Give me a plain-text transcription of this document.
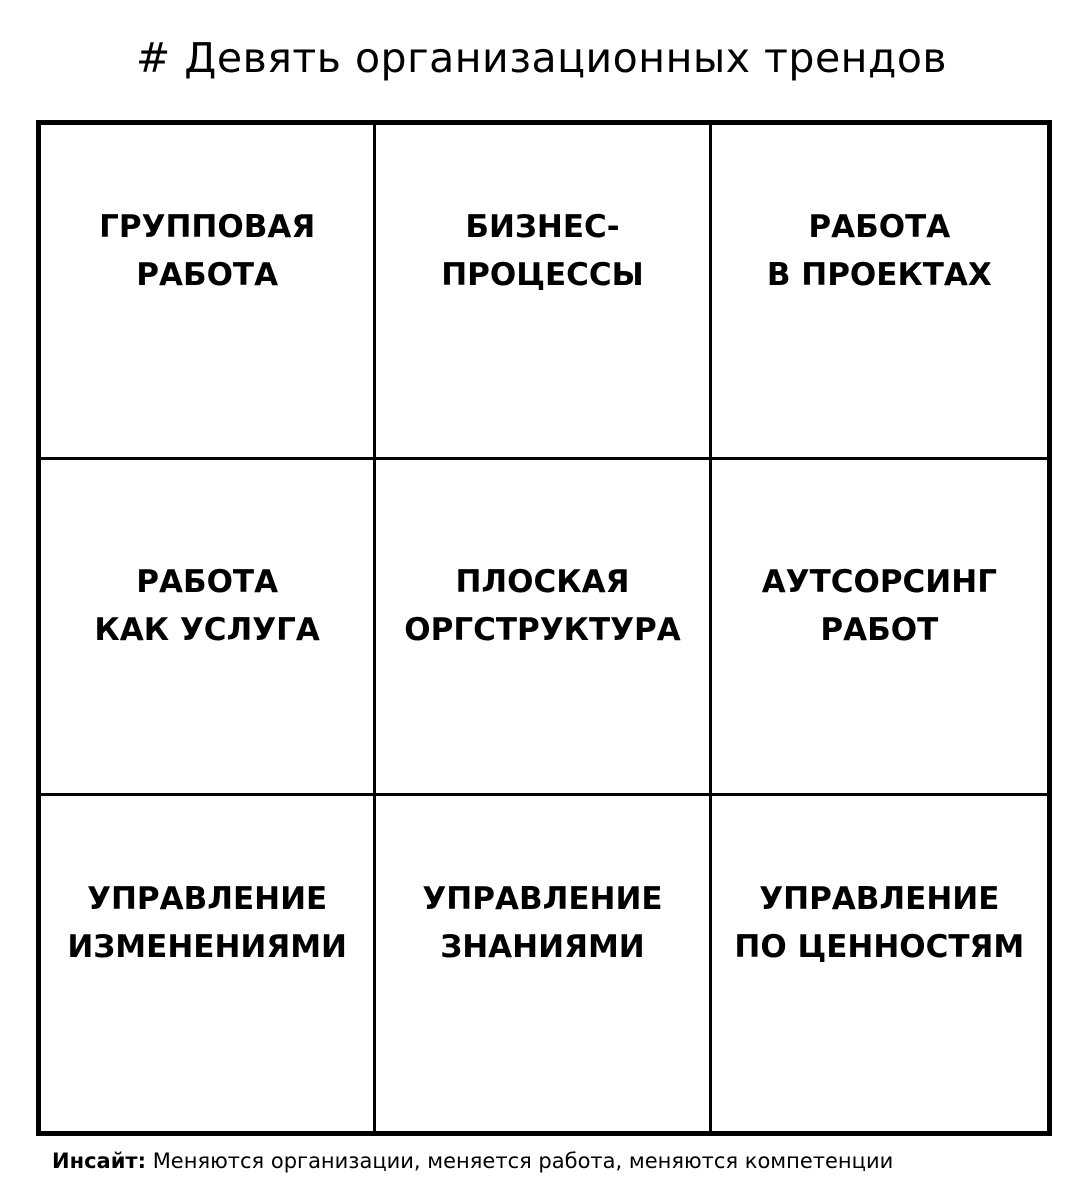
# Девять организационных трендов
ГРУППОВАЯ
РАБОТА
БИЗНЕС-
ПРОЦЕССЫ
РАБОТА
В ПРОЕКТАХ
РАБОТА
КАК УСЛУГА
ПЛОСКАЯ
ОРГСТРУКТУРА
АУТСОРСИНГ
РАБОТ
УПРАВЛЕНИЕ
ИЗМЕНЕНИЯМИ
УПРАВЛЕНИЕ
ЗНАНИЯМИ
УПРАВЛЕНИЕ
ПО ЦЕННОСТЯМ
Инсайт: Меняются организации, меняется работа, меняются компетенции
